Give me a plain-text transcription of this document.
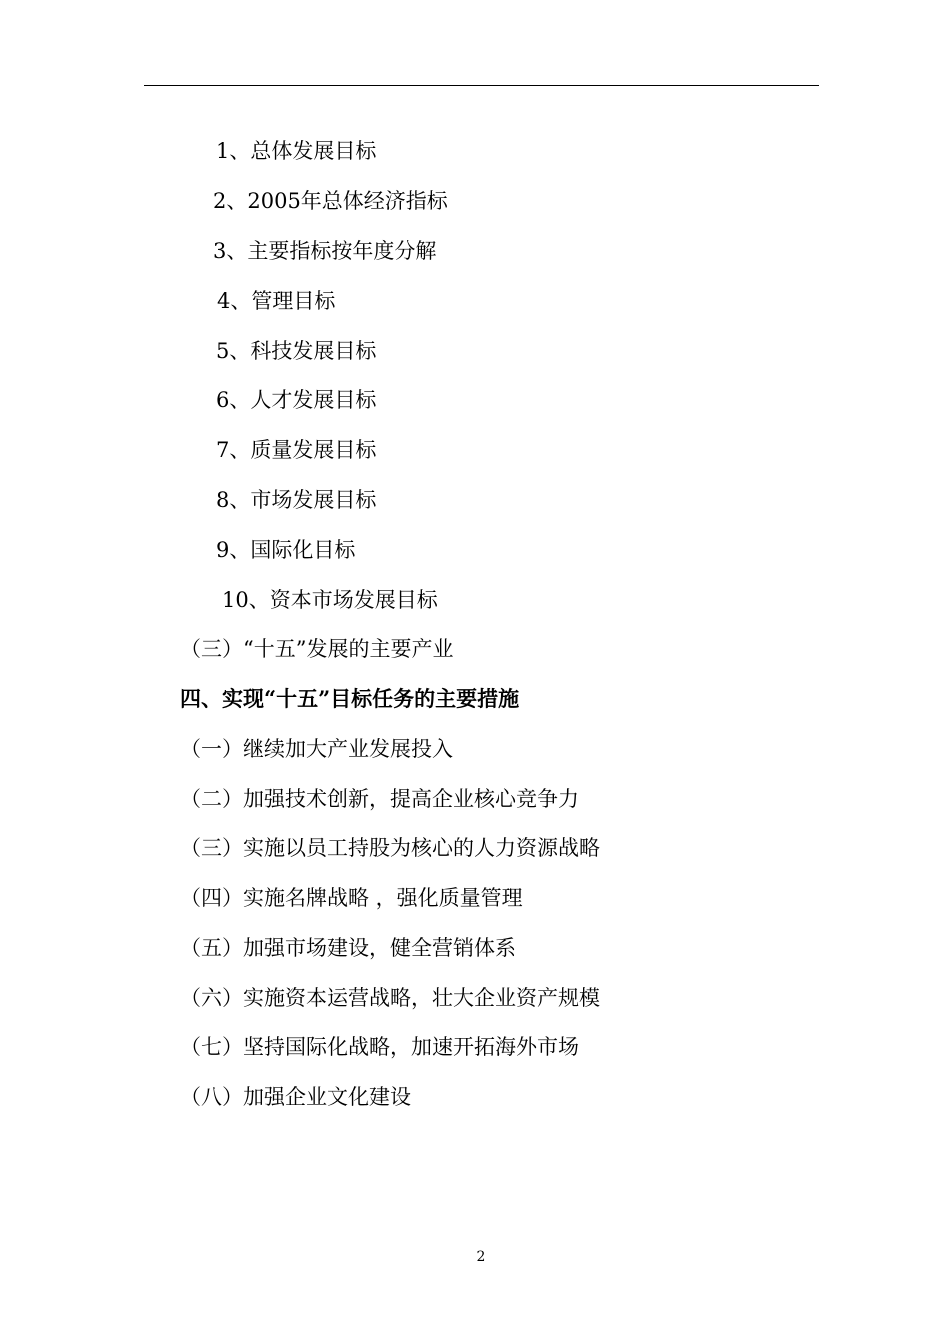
1、总体发展目标
2、2005年总体经济指标
3、主要指标按年度分解
4、管理目标
5、科技发展目标
6、人才发展目标
7、质量发展目标
8、市场发展目标
9、国际化目标
10、资本市场发展目标
（三）“十五”发展的主要产业
四、实现“十五”目标任务的主要措施
（一）继续加大产业发展投入
（二）加强技术创新，提高企业核心竞争力
（三）实施以员工持股为核心的人力资源战略
（四）实施名牌战略 ，强化质量管理
（五）加强市场建设，健全营销体系
（六）实施资本运营战略，壮大企业资产规模
（七）坚持国际化战略，加速开拓海外市场
（八）加强企业文化建设
2
